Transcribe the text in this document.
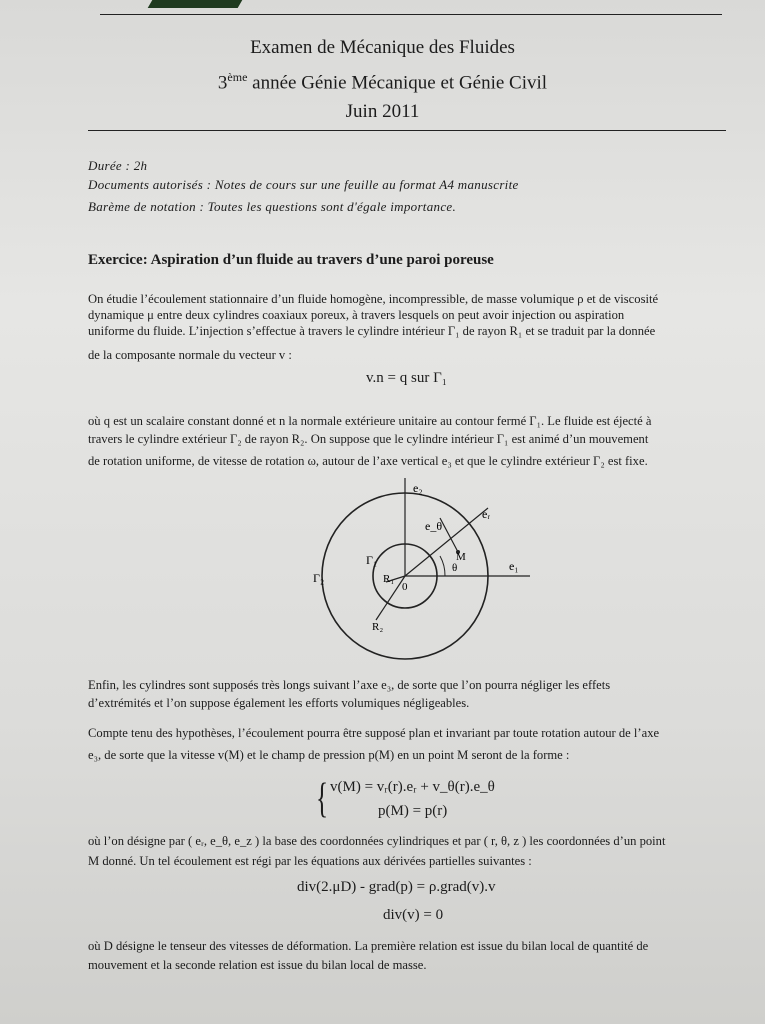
Examen de Mécanique des Fluides
3ème année Génie Mécanique et Génie Civil
Juin 2011
Durée : 2h
Documents autorisés : Notes de cours sur une feuille au format A4 manuscrite
Barème de notation : Toutes les questions sont d'égale importance.
Exercice: Aspiration d’un fluide au travers d’une paroi poreuse
On étudie l’écoulement stationnaire d’un fluide homogène, incompressible, de masse volumique ρ et de viscosité
dynamique μ entre deux cylindres coaxiaux poreux, à travers lesquels on peut avoir injection ou aspiration
uniforme du fluide. L’injection s’effectue à travers le cylindre intérieur Γ₁ de rayon R₁ et se traduit par la donnée
de la composante normale du vecteur v :
v.n = q sur Γ₁
où q est un scalaire constant donné et n la normale extérieure unitaire au contour fermé Γ₁. Le fluide est éjecté à
travers le cylindre extérieur Γ₂ de rayon R₂. On suppose que le cylindre intérieur Γ₁ est animé d’un mouvement
de rotation uniforme, de vitesse de rotation ω, autour de l’axe vertical e₃ et que le cylindre extérieur Γ₂ est fixe.
e₂
e_θ
eᵣ
M
Γ₁
Γ₂	R₁
0
θ	e₁
R₂
Enfin, les cylindres sont supposés très longs suivant l’axe e₃, de sorte que l’on pourra négliger les effets
d’extrémités et l’on suppose également les efforts volumiques négligeables.
Compte tenu des hypothèses, l’écoulement pourra être supposé plan et invariant par toute rotation autour de l’axe
e₃, de sorte que la vitesse v(M) et le champ de pression p(M) en un point M seront de la forme :
{ v(M) = vᵣ(r).eᵣ + v_θ(r).e_θ
p(M) = p(r)
où l’on désigne par ( eᵣ, e_θ, e_z ) la base des coordonnées cylindriques et par ( r, θ, z ) les coordonnées d’un point
M donné. Un tel écoulement est régi par les équations aux dérivées partielles suivantes :
div(2.μD) - grad(p) = ρ.grad(v).v
div(v) = 0
où D désigne le tenseur des vitesses de déformation. La première relation est issue du bilan local de quantité de
mouvement et la seconde relation est issue du bilan local de masse.
